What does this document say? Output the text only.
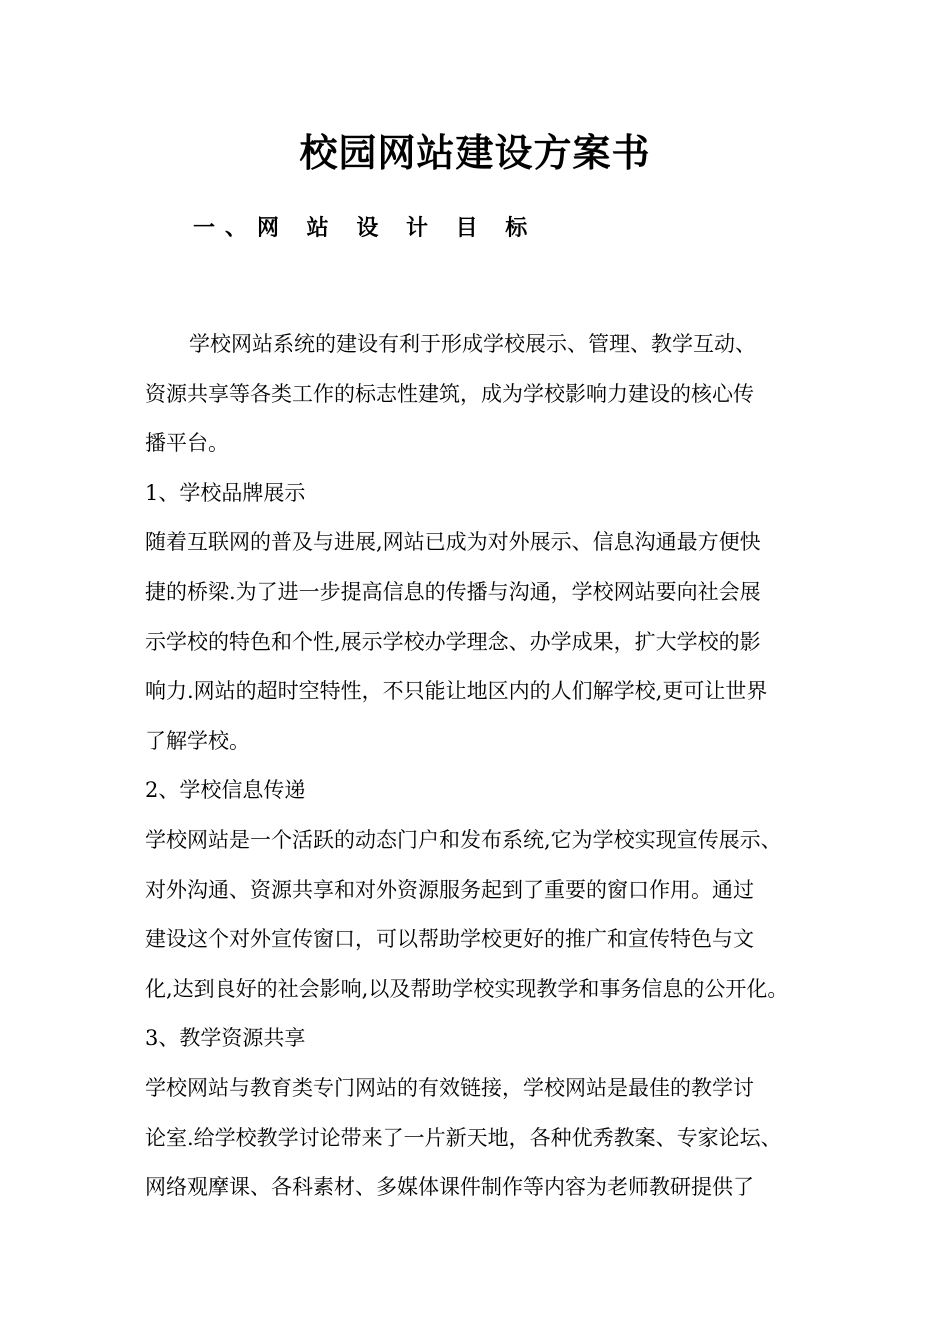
校园网站建设方案书
一、网 站 设 计 目 标

学校网站系统的建设有利于形成学校展示、管理、教学互动、

资源共享等各类工作的标志性建筑，成为学校影响力建设的核心传

播平台。

1、学校品牌展示

随着互联网的普及与进展,网站已成为对外展示、信息沟通最方便快

捷的桥梁.为了进一步提高信息的传播与沟通，学校网站要向社会展

示学校的特色和个性,展示学校办学理念、办学成果，扩大学校的影

响力.网站的超时空特性，不只能让地区内的人们解学校,更可让世界

了解学校。

2、学校信息传递

学校网站是一个活跃的动态门户和发布系统,它为学校实现宣传展示、

对外沟通、资源共享和对外资源服务起到了重要的窗口作用。通过

建设这个对外宣传窗口，可以帮助学校更好的推广和宣传特色与文

化,达到良好的社会影响,以及帮助学校实现教学和事务信息的公开化。

3、教学资源共享

学校网站与教育类专门网站的有效链接，学校网站是最佳的教学讨

论室.给学校教学讨论带来了一片新天地，各种优秀教案、专家论坛、

网络观摩课、各科素材、多媒体课件制作等内容为老师教研提供了
